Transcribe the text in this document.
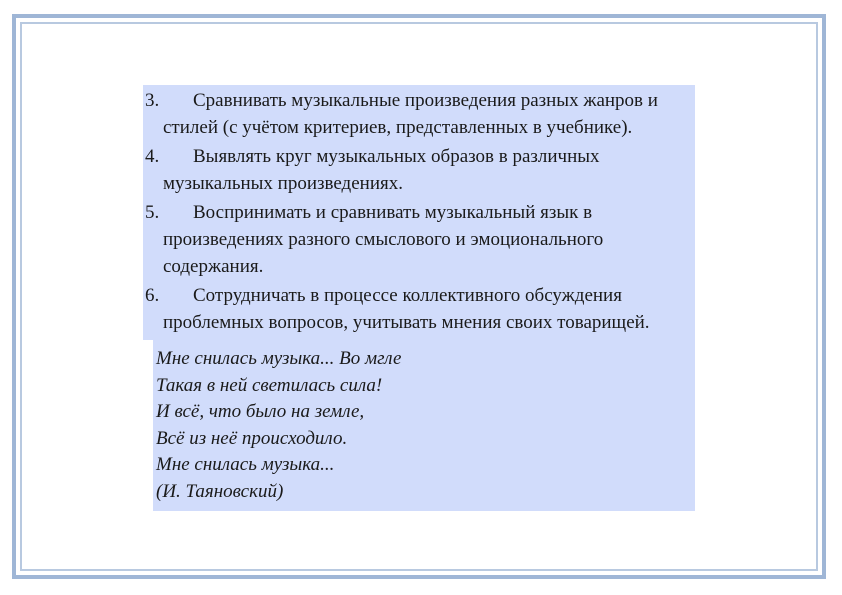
3. Сравнивать музыкальные произведения разных жанров и стилей (с учётом критериев, представленных в учебнике).
4. Выявлять круг музыкальных образов в различных музыкальных произведениях.
5. Воспринимать и сравнивать музыкальный язык в произведениях разного смыслового и эмоционального содержания.
6. Сотрудничать в процессе коллективного обсуждения проблемных вопросов, учитывать мнения своих товарищей.
Мне снилась музыка... Во мгле
Такая в ней светилась сила!
И всё, что было на земле,
Всё из неё происходило.
Мне снилась музыка...
(И. Таяновский)
